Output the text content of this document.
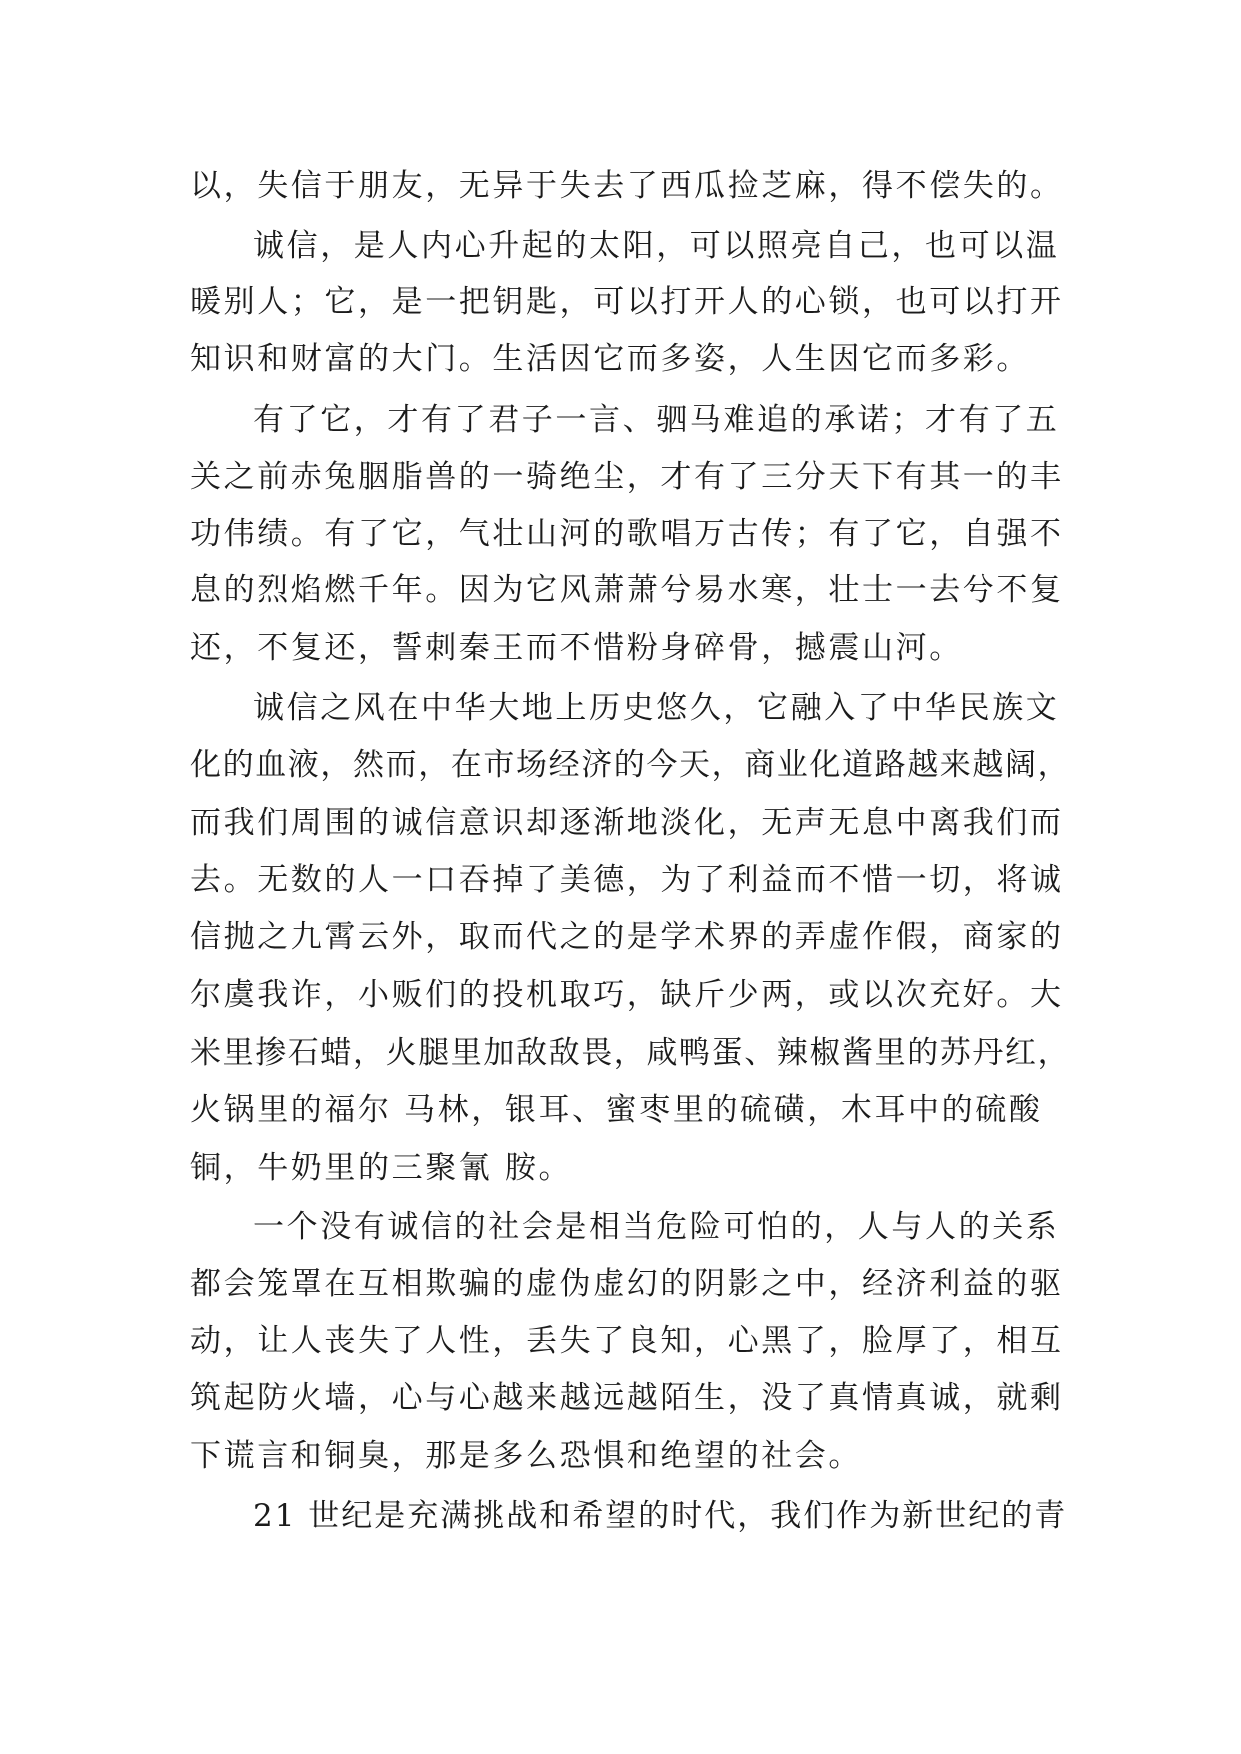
以，失信于朋友，无异于失去了西瓜捡芝麻，得不偿失的。
诚信，是人内心升起的太阳，可以照亮自己，也可以温
暖别人；它，是一把钥匙，可以打开人的心锁，也可以打开
知识和财富的大门。生活因它而多姿，人生因它而多彩。
有了它，才有了君子一言、驷马难追的承诺；才有了五
关之前赤兔胭脂兽的一骑绝尘，才有了三分天下有其一的丰
功伟绩。有了它，气壮山河的歌唱万古传；有了它，自强不
息的烈焰燃千年。因为它风萧萧兮易水寒，壮士一去兮不复
还，不复还，誓刺秦王而不惜粉身碎骨，撼震山河。
诚信之风在中华大地上历史悠久，它融入了中华民族文
化的血液，然而，在市场经济的今天，商业化道路越来越阔，
而我们周围的诚信意识却逐渐地淡化，无声无息中离我们而
去。无数的人一口吞掉了美德，为了利益而不惜一切，将诚
信抛之九霄云外，取而代之的是学术界的弄虚作假，商家的
尔虞我诈，小贩们的投机取巧，缺斤少两，或以次充好。大
米里掺石蜡，火腿里加敌敌畏，咸鸭蛋、辣椒酱里的苏丹红，
火锅里的福尔 马林，银耳、蜜枣里的硫磺，木耳中的硫酸
铜，牛奶里的三聚氰 胺。
一个没有诚信的社会是相当危险可怕的，人与人的关系
都会笼罩在互相欺骗的虚伪虚幻的阴影之中，经济利益的驱
动，让人丧失了人性，丢失了良知，心黑了，脸厚了，相互
筑起防火墙，心与心越来越远越陌生，没了真情真诚，就剩
下谎言和铜臭，那是多么恐惧和绝望的社会。
21 世纪是充满挑战和希望的时代，我们作为新世纪的青
